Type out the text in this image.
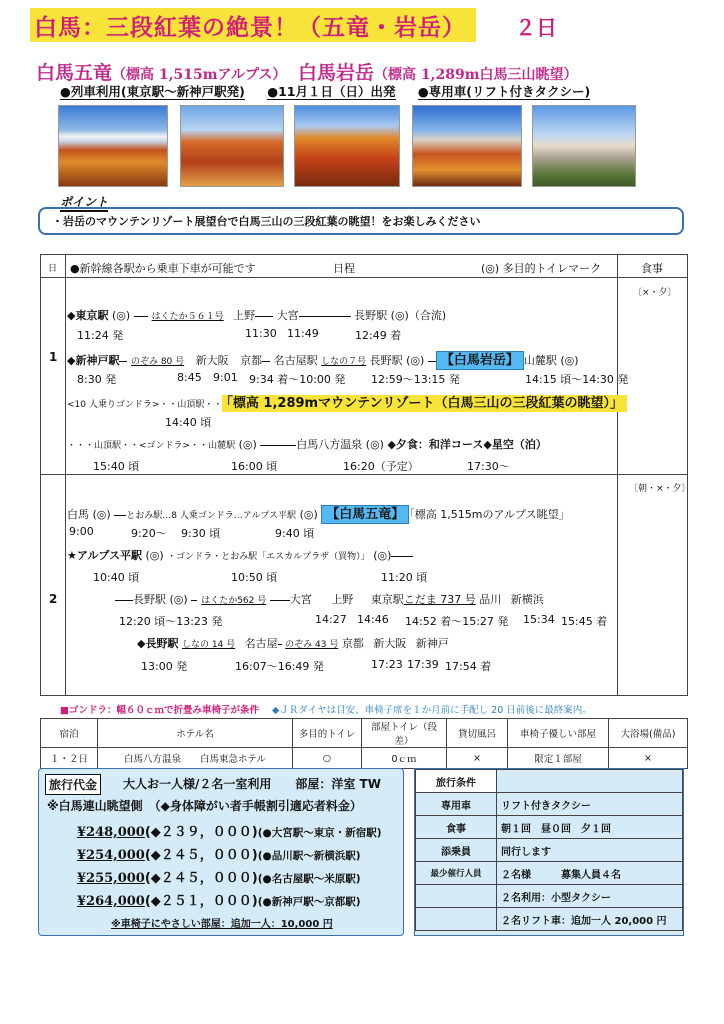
白馬：三段紅葉の絶景！（五竜・岩岳） ２日
白馬五竜（標高 1,515mアルプス） 白馬岩岳（標高 1,289m白馬三山眺望）
●列車利用(東京駅～新神戸駅発) ●11月１日（日）出発 ●専用車(リフト付きタクシー)
ポイント
・岩岳のマウンテンリゾート展望台で白馬三山の三段紅葉の眺望！をお楽しみください
日 ●新幹線各駅から乗車下車が可能です	日程	(◎) 多目的トイレマーク	食事
1
〔×・夕〕
◆東京駅 (◎) はくたか５６１号 上野 大宮	長野駅 (◎)（合流)
11:24 発	11:30 11:49	12:49 着
◆新神戸駅 のぞみ 80 号 新大阪 京都 名古屋駅 しなの７号 長野駅 (◎) 【白馬岩岳】 山麓駅 (◎)
8:30 発	8:45 9:01 9:34 着～10:00 発 12:59～13:15 発	14:15 頃～14:30 発
<10 人乗りゴンドラ>・・山頂駅・・ 「標高 1,289mマウンテンリゾート（白馬三山の三段紅葉の眺望）」
14:40 頃
・・・山頂駅・・<ゴンドラ>・・山麓駅 (◎)	白馬八方温泉 (◎) ◆夕食：和洋コース◆星空（泊）
15:40 頃	16:00 頃	16:20（予定）	17:30～
2
〔朝・×・夕〕
白馬 (◎) とおみ駅…8 人乗ゴンドラ…アルプス平駅 (◎) 【白馬五竜】 「標高 1,515mのアルプス眺望」
9:00	9:20～ 9:30 頃	9:40 頃
★アルプス平駅 (◎) ・ゴンドラ・とおみ駅「エスカルプラザ（買物）」 (◎)
10:40 頃	10:50 頃	11:20 頃
長野駅 (◎) はくたか562 号 大宮 上野 東京駅こだま 737 号 品川 新横浜
12:20 頃～13:23 発	14:27 14:46 14:52 着～15:27 発 15:34 15:45 着
◆長野駅 しなの 14 号 名古屋 のぞみ 43 号 京都 新大阪 新神戸
13:00 発	16:07～16:49 発	17:23 17:39 17:54 着
■ゴンドラ：幅６０ｃｍで折畳み車椅子が条件 ◆ＪＲダイヤは目安、車椅子席を１か月前に手配し 20 日前後に最終案内。
宿泊	ホテル名	多目的トイレ	部屋トイレ（段差）	貸切風呂	車椅子優しい部屋	大浴場(備品)
１・２日	白馬八方温泉　　白馬東急ホテル	○	0ｃｍ	×	限定１部屋	×
旅行代金	大人お一人様/２名一室利用　　部屋：洋室 TW
※白馬連山眺望側　（◆身体障がい者手帳割引適応者料金）
¥248,000(◆２３９，０００)(●大宮駅～東京・新宿駅)
¥254,000(◆２４５，０００)(●品川駅～新横浜駅)
¥255,000(◆２４５，０００)(●名古屋駅～米原駅)
¥264,000(◆２５１，０００)(●新神戸駅～京都駅)
※車椅子にやさしい部屋：追加一人：10,000 円
旅行条件	
専用車	リフト付きタクシー
食事	朝１回　昼０回　夕１回
添乗員	同行します
最少催行人員	２名様　　　募集人員４名
	２名利用：小型タクシー
	２名リフト車：追加一人 20,000 円
